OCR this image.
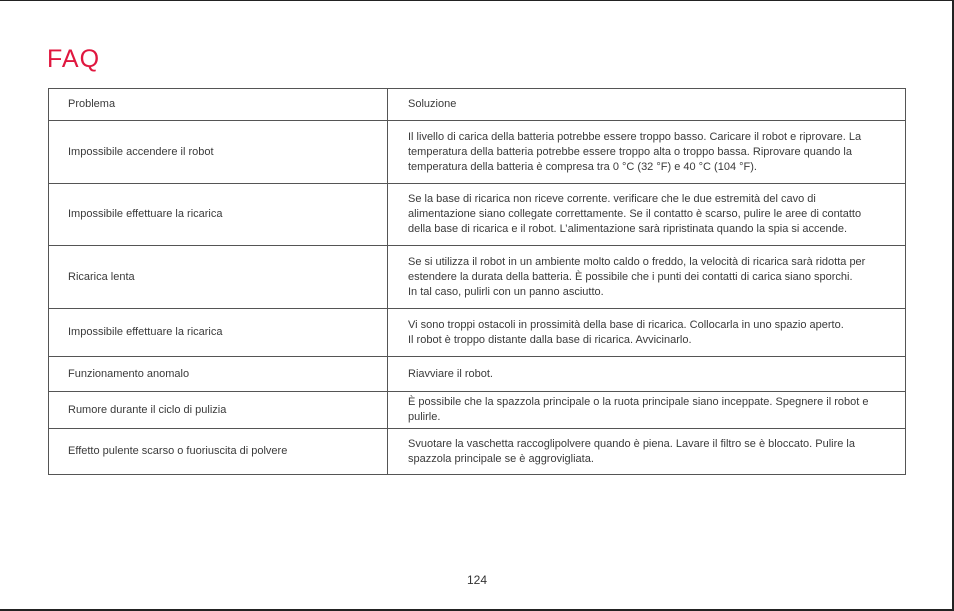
FAQ
Problema	Soluzione
Impossibile accendere il robot	Il livello di carica della batteria potrebbe essere troppo basso. Caricare il robot e riprovare. La
temperatura della batteria potrebbe essere troppo alta o troppo bassa. Riprovare quando la
temperatura della batteria è compresa tra 0 °C (32 °F) e 40 °C (104 °F).
Impossibile effettuare la ricarica	Se la base di ricarica non riceve corrente. verificare che le due estremità del cavo di
alimentazione siano collegate correttamente. Se il contatto è scarso, pulire le aree di contatto
della base di ricarica e il robot. L’alimentazione sarà ripristinata quando la spia si accende.
Ricarica lenta	Se si utilizza il robot in un ambiente molto caldo o freddo, la velocità di ricarica sarà ridotta per
estendere la durata della batteria. È possibile che i punti dei contatti di carica siano sporchi.
In tal caso, pulirli con un panno asciutto.
Impossibile effettuare la ricarica	Vi sono troppi ostacoli in prossimità della base di ricarica. Collocarla in uno spazio aperto.
Il robot è troppo distante dalla base di ricarica. Avvicinarlo.
Funzionamento anomalo	Riavviare il robot.
Rumore durante il ciclo di pulizia	È possibile che la spazzola principale o la ruota principale siano inceppate. Spegnere il robot e pulirle.
Effetto pulente scarso o fuoriuscita di polvere	Svuotare la vaschetta raccoglipolvere quando è piena. Lavare il filtro se è bloccato. Pulire la
spazzola principale se è aggrovigliata.
124
